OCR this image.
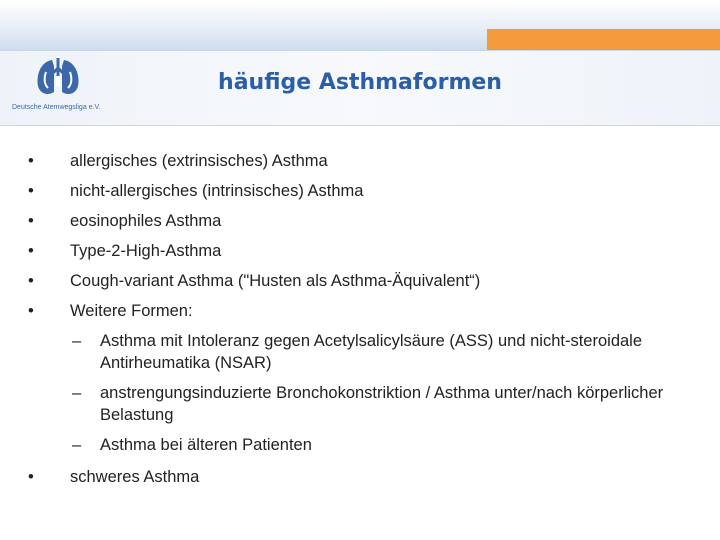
Deutsche Atemwegsliga e.V.
häufige Asthmaformen
•	allergisches (extrinsisches) Asthma
•	nicht-allergisches (intrinsisches) Asthma
•	eosinophiles Asthma
•	Type-2-High-Asthma
•	Cough-variant Asthma ("Husten als Asthma-Äquivalent“)
•	Weitere Formen:
– Asthma mit Intoleranz gegen Acetylsalicylsäure (ASS) und nicht-steroidale Antirheumatika (NSAR)
– anstrengungsinduzierte Bronchokonstriktion / Asthma unter/nach körperlicher Belastung
– Asthma bei älteren Patienten
•	schweres Asthma
